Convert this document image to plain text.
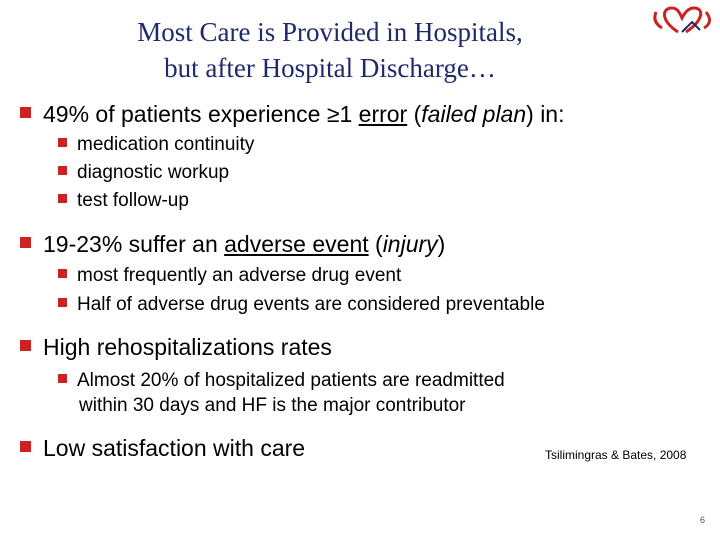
Most Care is Provided in Hospitals,
but after Hospital Discharge…
49% of patients experience ≥1 error (failed plan) in:
medication continuity
diagnostic workup
test follow-up
19-23% suffer an adverse event (injury)
most frequently an adverse drug event
Half of adverse drug events are considered preventable
High rehospitalizations rates
Almost 20% of hospitalized patients are readmitted
within 30 days and HF is the major contributor
Low satisfaction with care	Tsilimingras & Bates, 2008
6
